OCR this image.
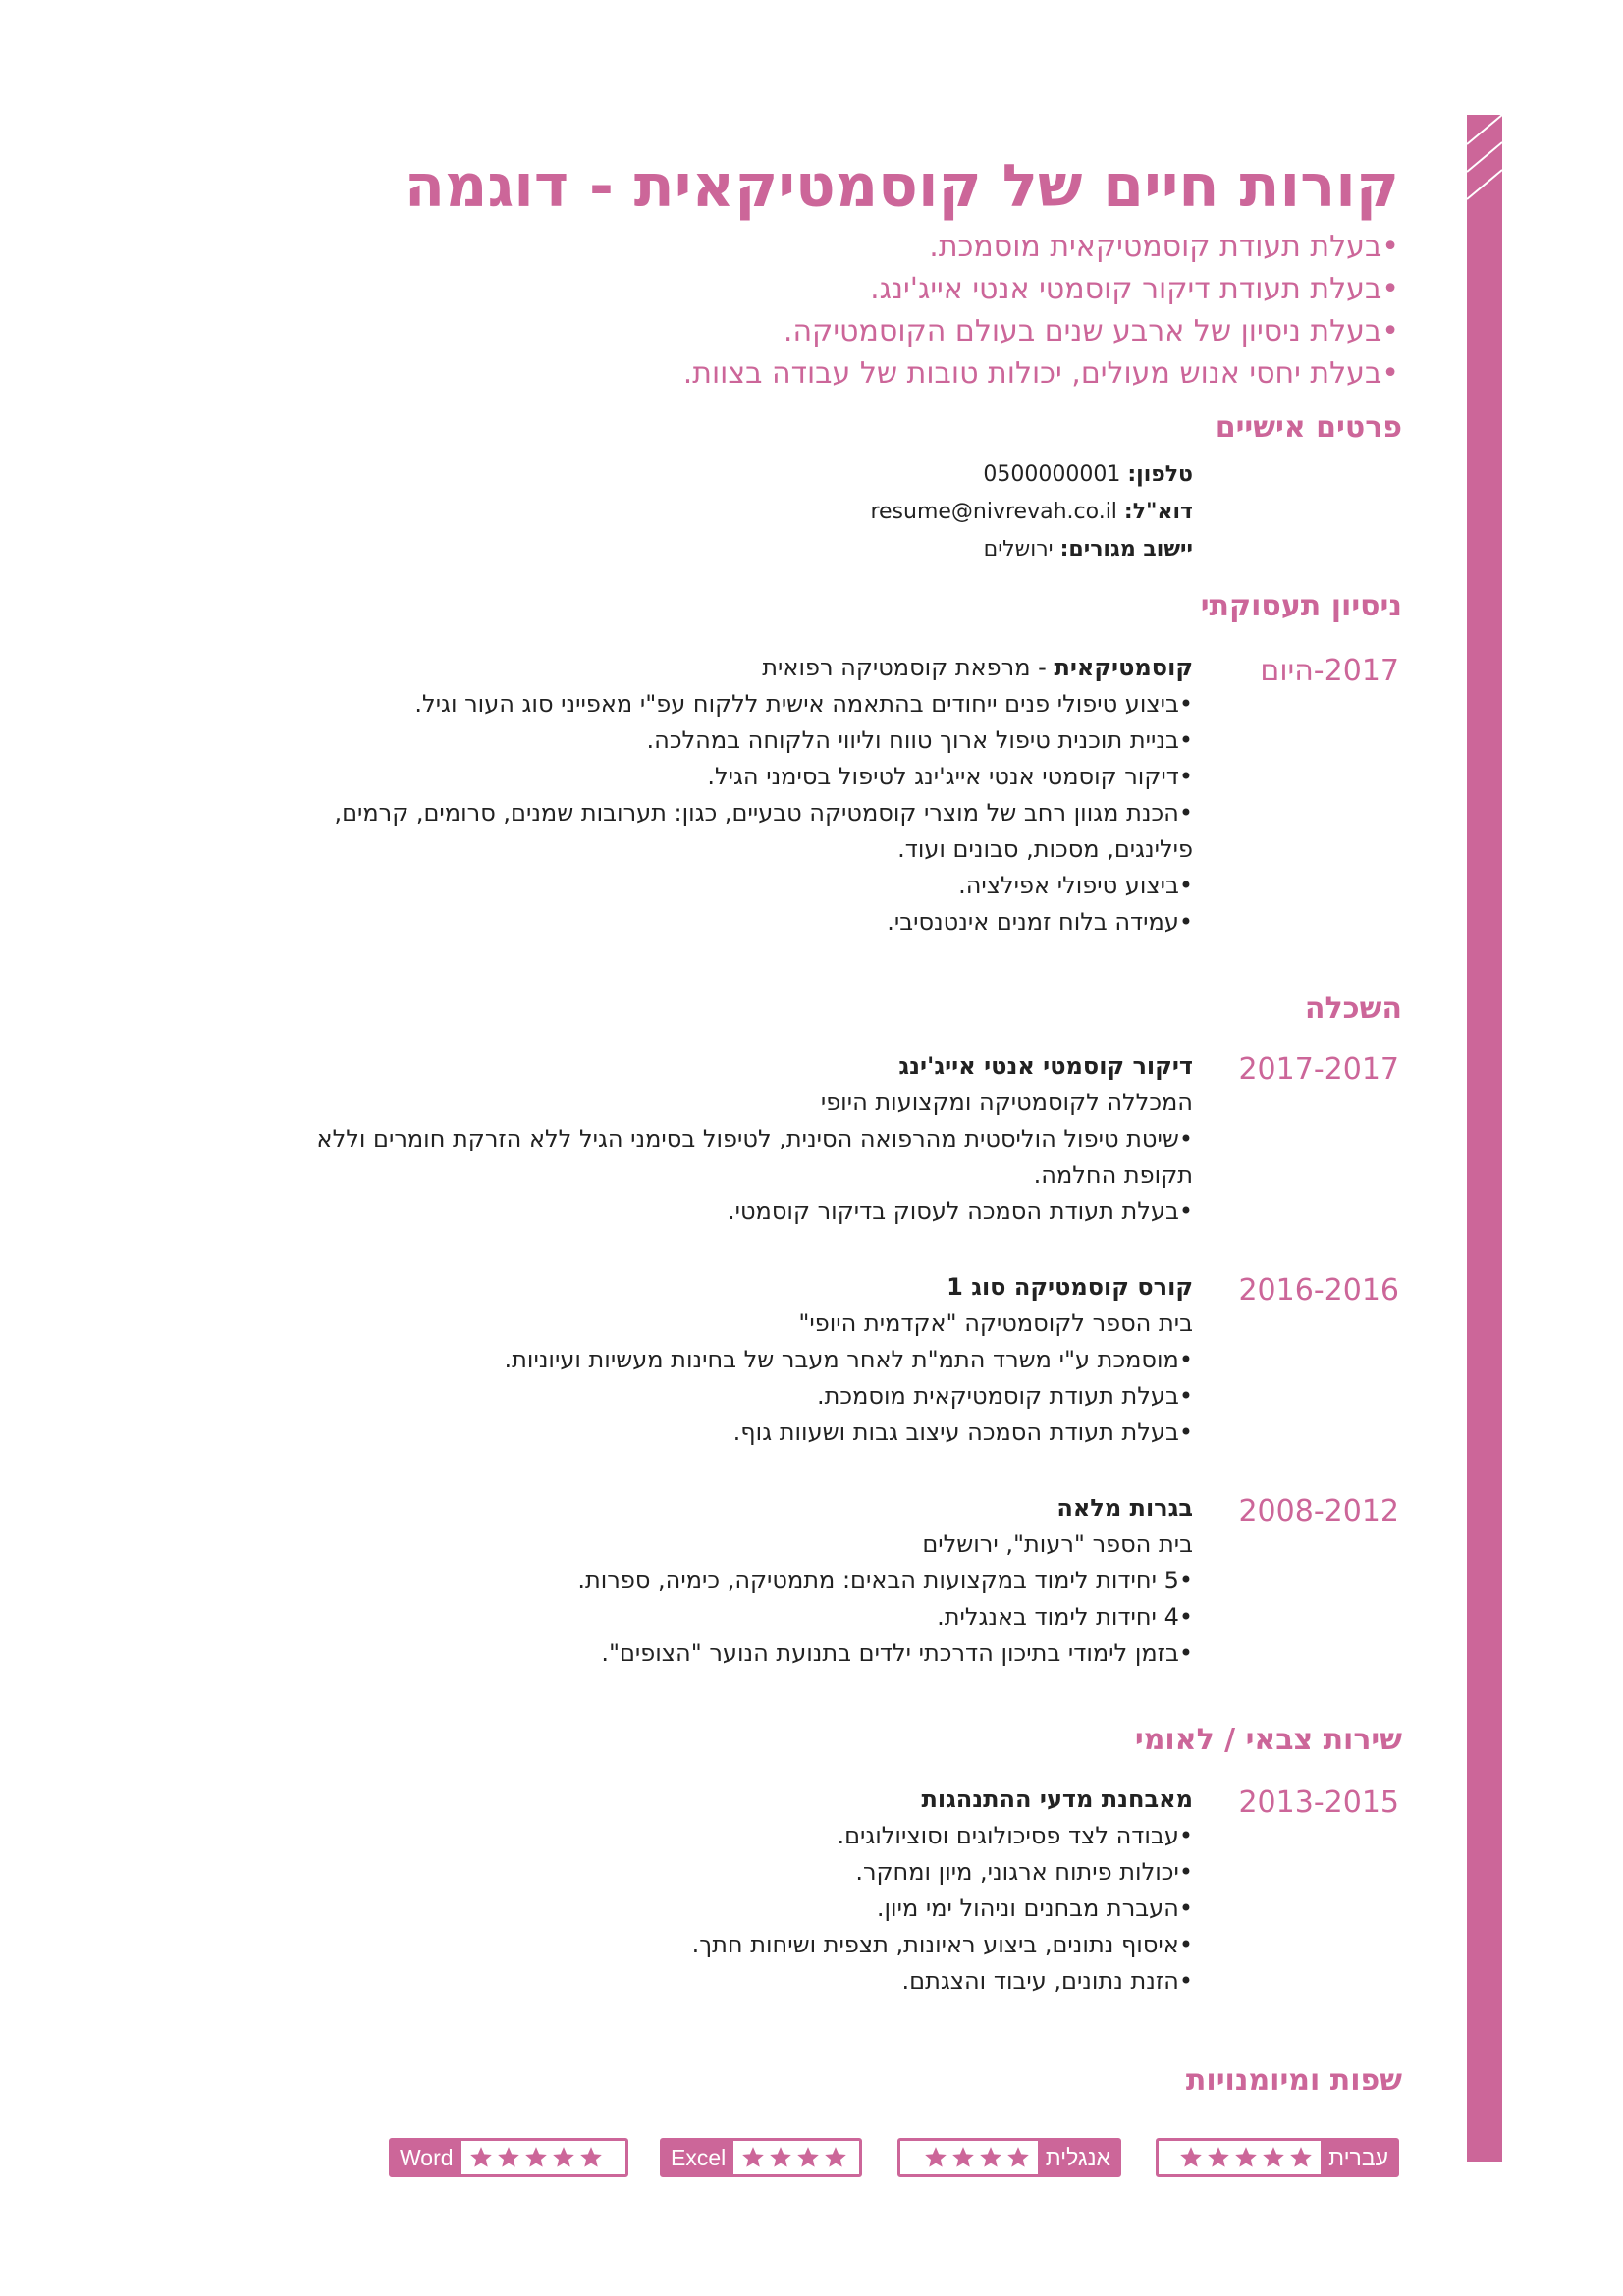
קורות חיים של קוסמטיקאית - דוגמה
•בעלת תעודת קוסמטיקאית מוסמכת.
•בעלת תעודת דיקור קוסמטי אנטי אייג'ינג.
•בעלת ניסיון של ארבע שנים בעולם הקוסמטיקה.
•בעלת יחסי אנוש מעולים, יכולות טובות של עבודה בצוות.
פרטים אישיים
טלפון: 0500000001
דוא"ל: resume@nivrevah.co.il
יישוב מגורים: ירושלים
ניסיון תעסוקתי
2017-היום
קוסמטיקאית - מרפאת קוסמטיקה רפואית
•ביצוע טיפולי פנים ייחודים בהתאמה אישית ללקוח עפ"י מאפייני סוג העור וגיל.
•בניית תוכנית טיפול ארוך טווח וליווי הלקוחה במהלכה.
•דיקור קוסמטי אנטי אייג'ינג לטיפול בסימני הגיל.
•הכנת מגוון רחב של מוצרי קוסמטיקה טבעיים, כגון: תערובות שמנים, סרומים, קרמים, פילינגים, מסכות, סבונים ועוד.
•ביצוע טיפולי אפילציה.
•עמידה בלוח זמנים אינטנסיבי.
השכלה
2017-2017
דיקור קוסמטי אנטי אייג'ינג
המכללה לקוסמטיקה ומקצועות היופי
•שיטת טיפול הוליסטית מהרפואה הסינית, לטיפול בסימני הגיל ללא הזרקת חומרים וללא תקופת החלמה.
•בעלת תעודת הסמכה לעסוק בדיקור קוסמטי.
2016-2016
קורס קוסמטיקה סוג 1
בית הספר לקוסמטיקה "אקדמית היופי"
•מוסמכת ע"י משרד התמ"ת לאחר מעבר של בחינות מעשיות ועיוניות.
•בעלת תעודת קוסמטיקאית מוסמכת.
•בעלת תעודת הסמכה עיצוב גבות ושעוות גוף.
2008-2012
בגרות מלאה
בית הספר "רעות", ירושלים
•5 יחידות לימוד במקצועות הבאים: מתמטיקה, כימיה, ספרות.
•4 יחידות לימוד באנגלית.
•בזמן לימודי בתיכון הדרכתי ילדים בתנועת הנוער "הצופים".
שירות צבאי / לאומי
2013-2015
מאבחנת מדעי ההתנהגות
•עבודה לצד פסיכולוגים וסוציולוגים.
•יכולות פיתוח ארגוני, מיון ומחקר.
•העברת מבחנים וניהול ימי מיון.
•איסוף נתונים, ביצוע ראיונות, תצפית ושיחות חתך.
•הזנת נתונים, עיבוד והצגתם.
שפות ומיומנויות
עברית
אנגלית
Excel
Word
